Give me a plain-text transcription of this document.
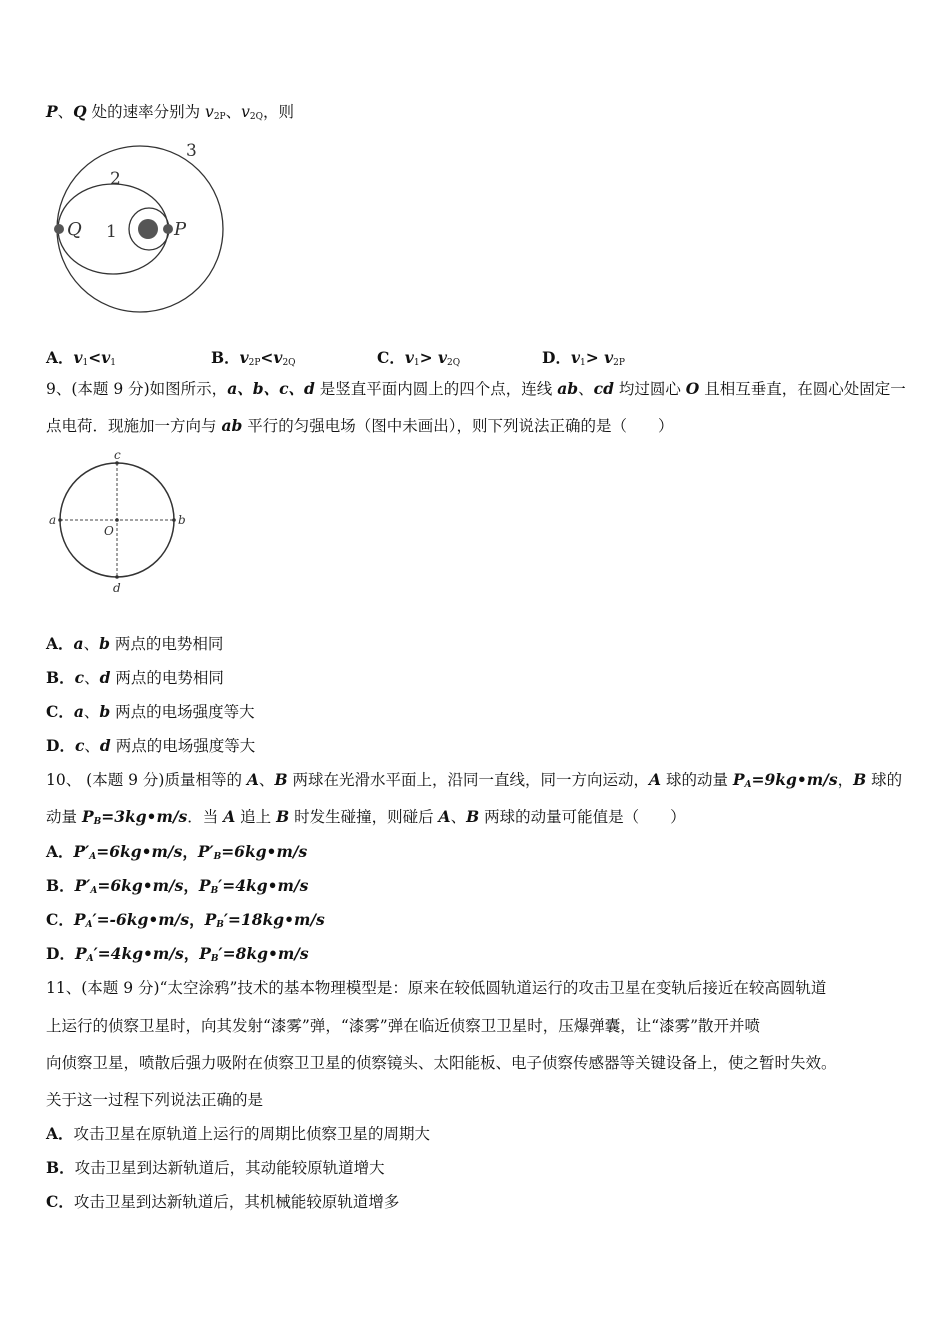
P、Q 处的速率分别为 $v_{2P}$、$v_{2Q}$，则
3
2
1
Q	P
A．$v_1<v_1$	B．$v_{2P}<v_{2Q}$	C．$v_1> v_{2Q}$	D．$v_1> v_{2P}$
9、(本题 9 分)如图所示，a、b、c、d 是竖直平面内圆上的四个点，连线 ab、cd 均过圆心 O 且相互垂直，在圆心处固定一
点电荷．现施加一方向与 ab 平行的匀强电场（图中未画出），则下列说法正确的是（　　）
a	b
c
d
O
A．a、b 两点的电势相同
B．c、d 两点的电势相同
C．a、b 两点的电场强度等大
D．c、d 两点的电场强度等大
10、 (本题 9 分)质量相等的 A、B 两球在光滑水平面上，沿同一直线，同一方向运动，A 球的动量 $P_A=9kg•m/s$，B 球的
动量 $P_B=3kg•m/s$．当 A 追上 B 时发生碰撞，则碰后 A、B 两球的动量可能值是（　　）
A．$P'_A=6kg•m/s$，$P'_B=6kg•m/s$
B．$P'_A=6kg•m/s$，$P_B'=4kg•m/s$
C．$P_A'=-6kg•m/s$，$P_B'=18kg•m/s$
D．$P_A'=4kg•m/s$，$P_B'=8kg•m/s$
11、(本题 9 分)“太空涂鸦”技术的基本物理模型是：原来在较低圆轨道运行的攻击卫星在变轨后接近在较高圆轨道
上运行的侦察卫星时，向其发射“漆雾”弹，“漆雾”弹在临近侦察卫卫星时，压爆弹囊，让“漆雾”散开并喷
向侦察卫星，喷散后强力吸附在侦察卫卫星的侦察镜头、太阳能板、电子侦察传感器等关键设备上，使之暂时失效。
关于这一过程下列说法正确的是
A．攻击卫星在原轨道上运行的周期比侦察卫星的周期大
B．攻击卫星到达新轨道后，其动能较原轨道增大
C．攻击卫星到达新轨道后，其机械能较原轨道增多
